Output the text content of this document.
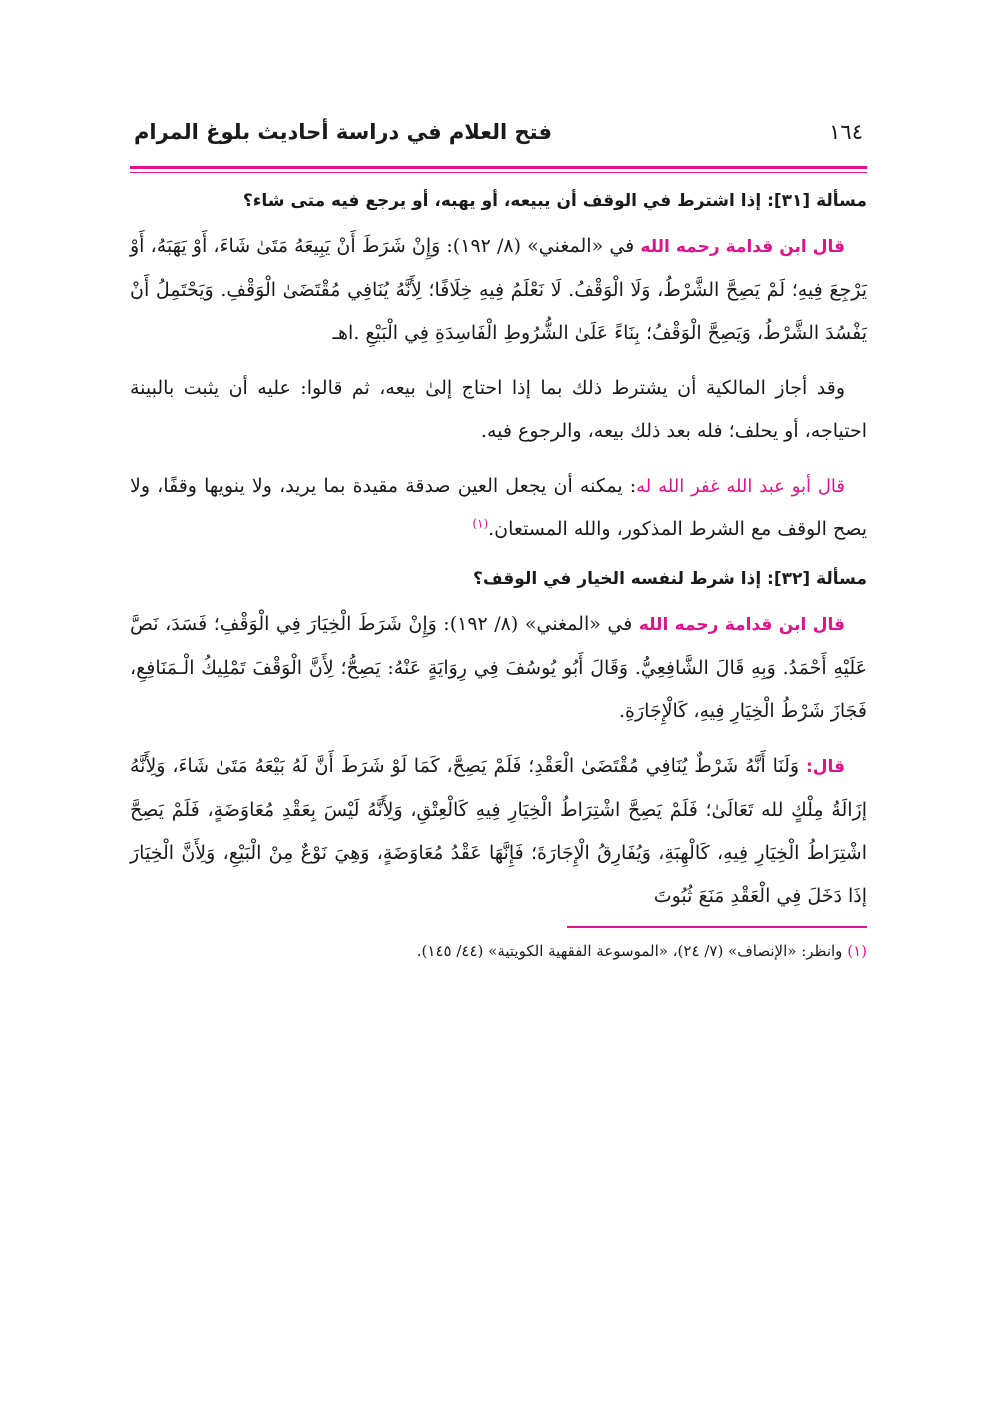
١٦٤
فتح العلام في دراسة أحاديث بلوغ المرام
مسألة [٣١]: إذا اشترط في الوقف أن يبيعه، أو يهبه، أو يرجع فيه متى شاء؟

قال ابن قدامة رحمه الله في «المغني» (٨/ ١٩٢): وَإِنْ شَرَطَ أَنْ يَبِيعَهُ مَتَىٰ شَاءَ، أَوْ يَهَبَهُ، أَوْ يَرْجِعَ فِيهِ؛ لَمْ يَصِحَّ الشَّرْطُ، وَلَا الْوَقْفُ. لَا نَعْلَمُ فِيهِ خِلَافًا؛ لِأَنَّهُ يُنَافِي مُقْتَضَىٰ الْوَقْفِ. وَيَحْتَمِلُ أَنْ يَفْسُدَ الشَّرْطُ، وَيَصِحَّ الْوَقْفُ؛ بِنَاءً عَلَىٰ الشُّرُوطِ الْفَاسِدَةِ فِي الْبَيْعِ .اهـ

وقد أجاز المالكية أن يشترط ذلك بما إذا احتاج إلىٰ بيعه، ثم قالوا: عليه أن يثبت بالبينة احتياجه، أو يحلف؛ فله بعد ذلك بيعه، والرجوع فيه.

قال أبو عبد الله غفر الله له: يمكنه أن يجعل العين صدقة مقيدة بما يريد، ولا ينويها وقفًا، ولا يصح الوقف مع الشرط المذكور، والله المستعان.$^{(١)}$

مسألة [٣٢]: إذا شرط لنفسه الخيار في الوقف؟

قال ابن قدامة رحمه الله في «المغني» (٨/ ١٩٢): وَإِنْ شَرَطَ الْخِيَارَ فِي الْوَقْفِ؛ فَسَدَ، نَصَّ عَلَيْهِ أَحْمَدُ. وَبِهِ قَالَ الشَّافِعِيُّ. وَقَالَ أَبُو يُوسُفَ فِي رِوَايَةٍ عَنْهُ: يَصِحُّ؛ لِأَنَّ الْوَقْفَ تَمْلِيكُ الْـمَنَافِعِ، فَجَازَ شَرْطُ الْخِيَارِ فِيهِ، كَالْإِجَارَةِ.

قال: وَلَنَا أَنَّهُ شَرْطٌ يُنَافِي مُقْتَضَىٰ الْعَقْدِ؛ فَلَمْ يَصِحَّ، كَمَا لَوْ شَرَطَ أَنَّ لَهُ بَيْعَهُ مَتَىٰ شَاءَ، وَلِأَنَّهُ إزَالَةُ مِلْكٍ لله تَعَالَىٰ؛ فَلَمْ يَصِحَّ اشْتِرَاطُ الْخِيَارِ فِيهِ كَالْعِتْقِ، وَلِأَنَّهُ لَيْسَ بِعَقْدِ مُعَاوَضَةٍ، فَلَمْ يَصِحَّ اشْتِرَاطُ الْخِيَارِ فِيهِ، كَالْهِبَةِ، وَيُفَارِقُ الْإِجَارَةَ؛ فَإِنَّهَا عَقْدُ مُعَاوَضَةٍ، وَهِيَ نَوْعٌ مِنْ الْبَيْعِ، وَلِأَنَّ الْخِيَارَ إذَا دَخَلَ فِي الْعَقْدِ مَنَعَ ثُبُوتَ

(١) وانظر: «الإنصاف» (٧/ ٢٤)، «الموسوعة الفقهية الكويتية» (٤٤/ ١٤٥).
